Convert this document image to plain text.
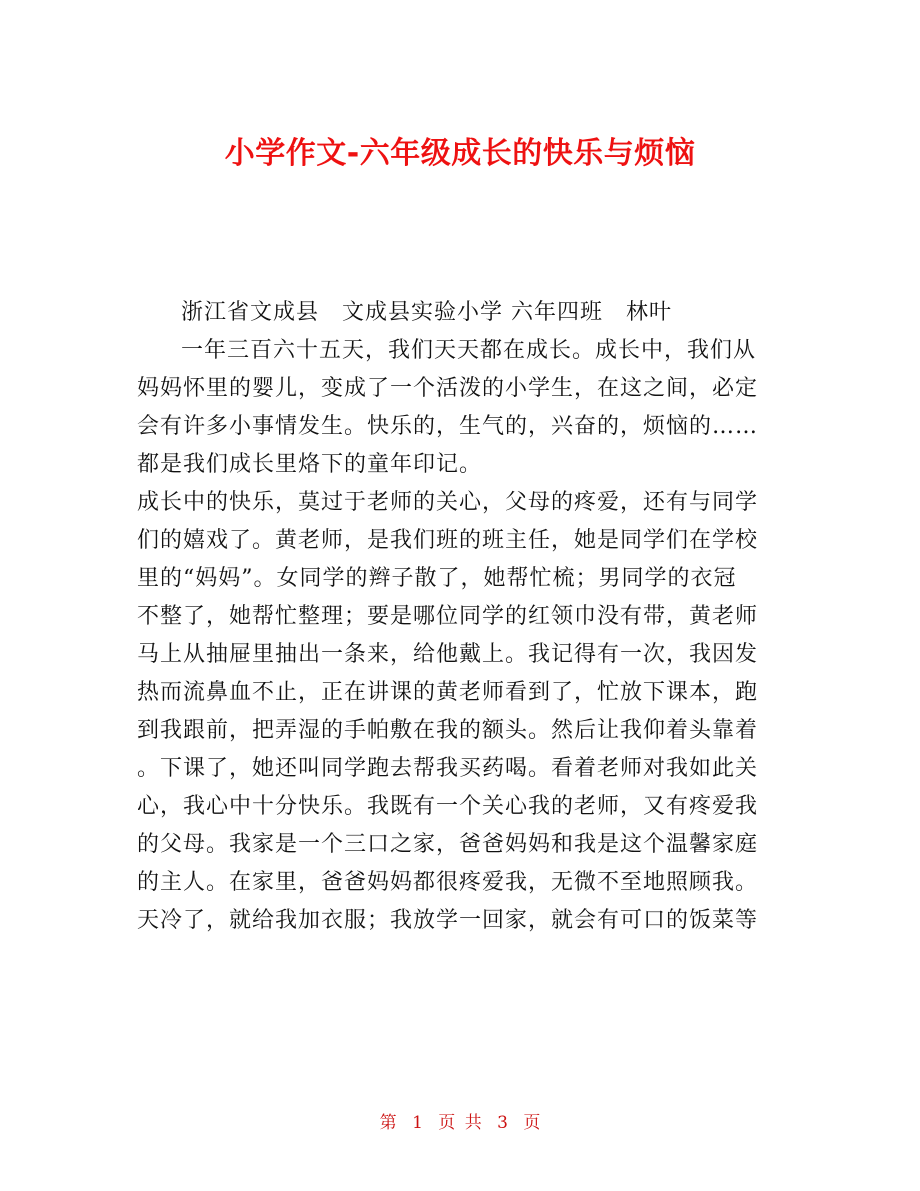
小学作文-六年级成长的快乐与烦恼
浙江省文成县　文成县实验小学 六年四班　林叶
一年三百六十五天，我们天天都在成长。成长中，我们从
妈妈怀里的婴儿，变成了一个活泼的小学生，在这之间，必定
会有许多小事情发生。快乐的，生气的，兴奋的，烦恼的……
都是我们成长里烙下的童年印记。
成长中的快乐，莫过于老师的关心，父母的疼爱，还有与同学
们的嬉戏了。黄老师，是我们班的班主任，她是同学们在学校
里的“妈妈”。女同学的辫子散了，她帮忙梳；男同学的衣冠
不整了，她帮忙整理；要是哪位同学的红领巾没有带，黄老师
马上从抽屉里抽出一条来，给他戴上。我记得有一次，我因发
热而流鼻血不止，正在讲课的黄老师看到了，忙放下课本，跑
到我跟前，把弄湿的手帕敷在我的额头。然后让我仰着头靠着
。下课了，她还叫同学跑去帮我买药喝。看着老师对我如此关
心，我心中十分快乐。我既有一个关心我的老师，又有疼爱我
的父母。我家是一个三口之家，爸爸妈妈和我是这个温馨家庭
的主人。在家里，爸爸妈妈都很疼爱我，无微不至地照顾我。
天冷了，就给我加衣服；我放学一回家，就会有可口的饭菜等
第 1 页 共 3 页
